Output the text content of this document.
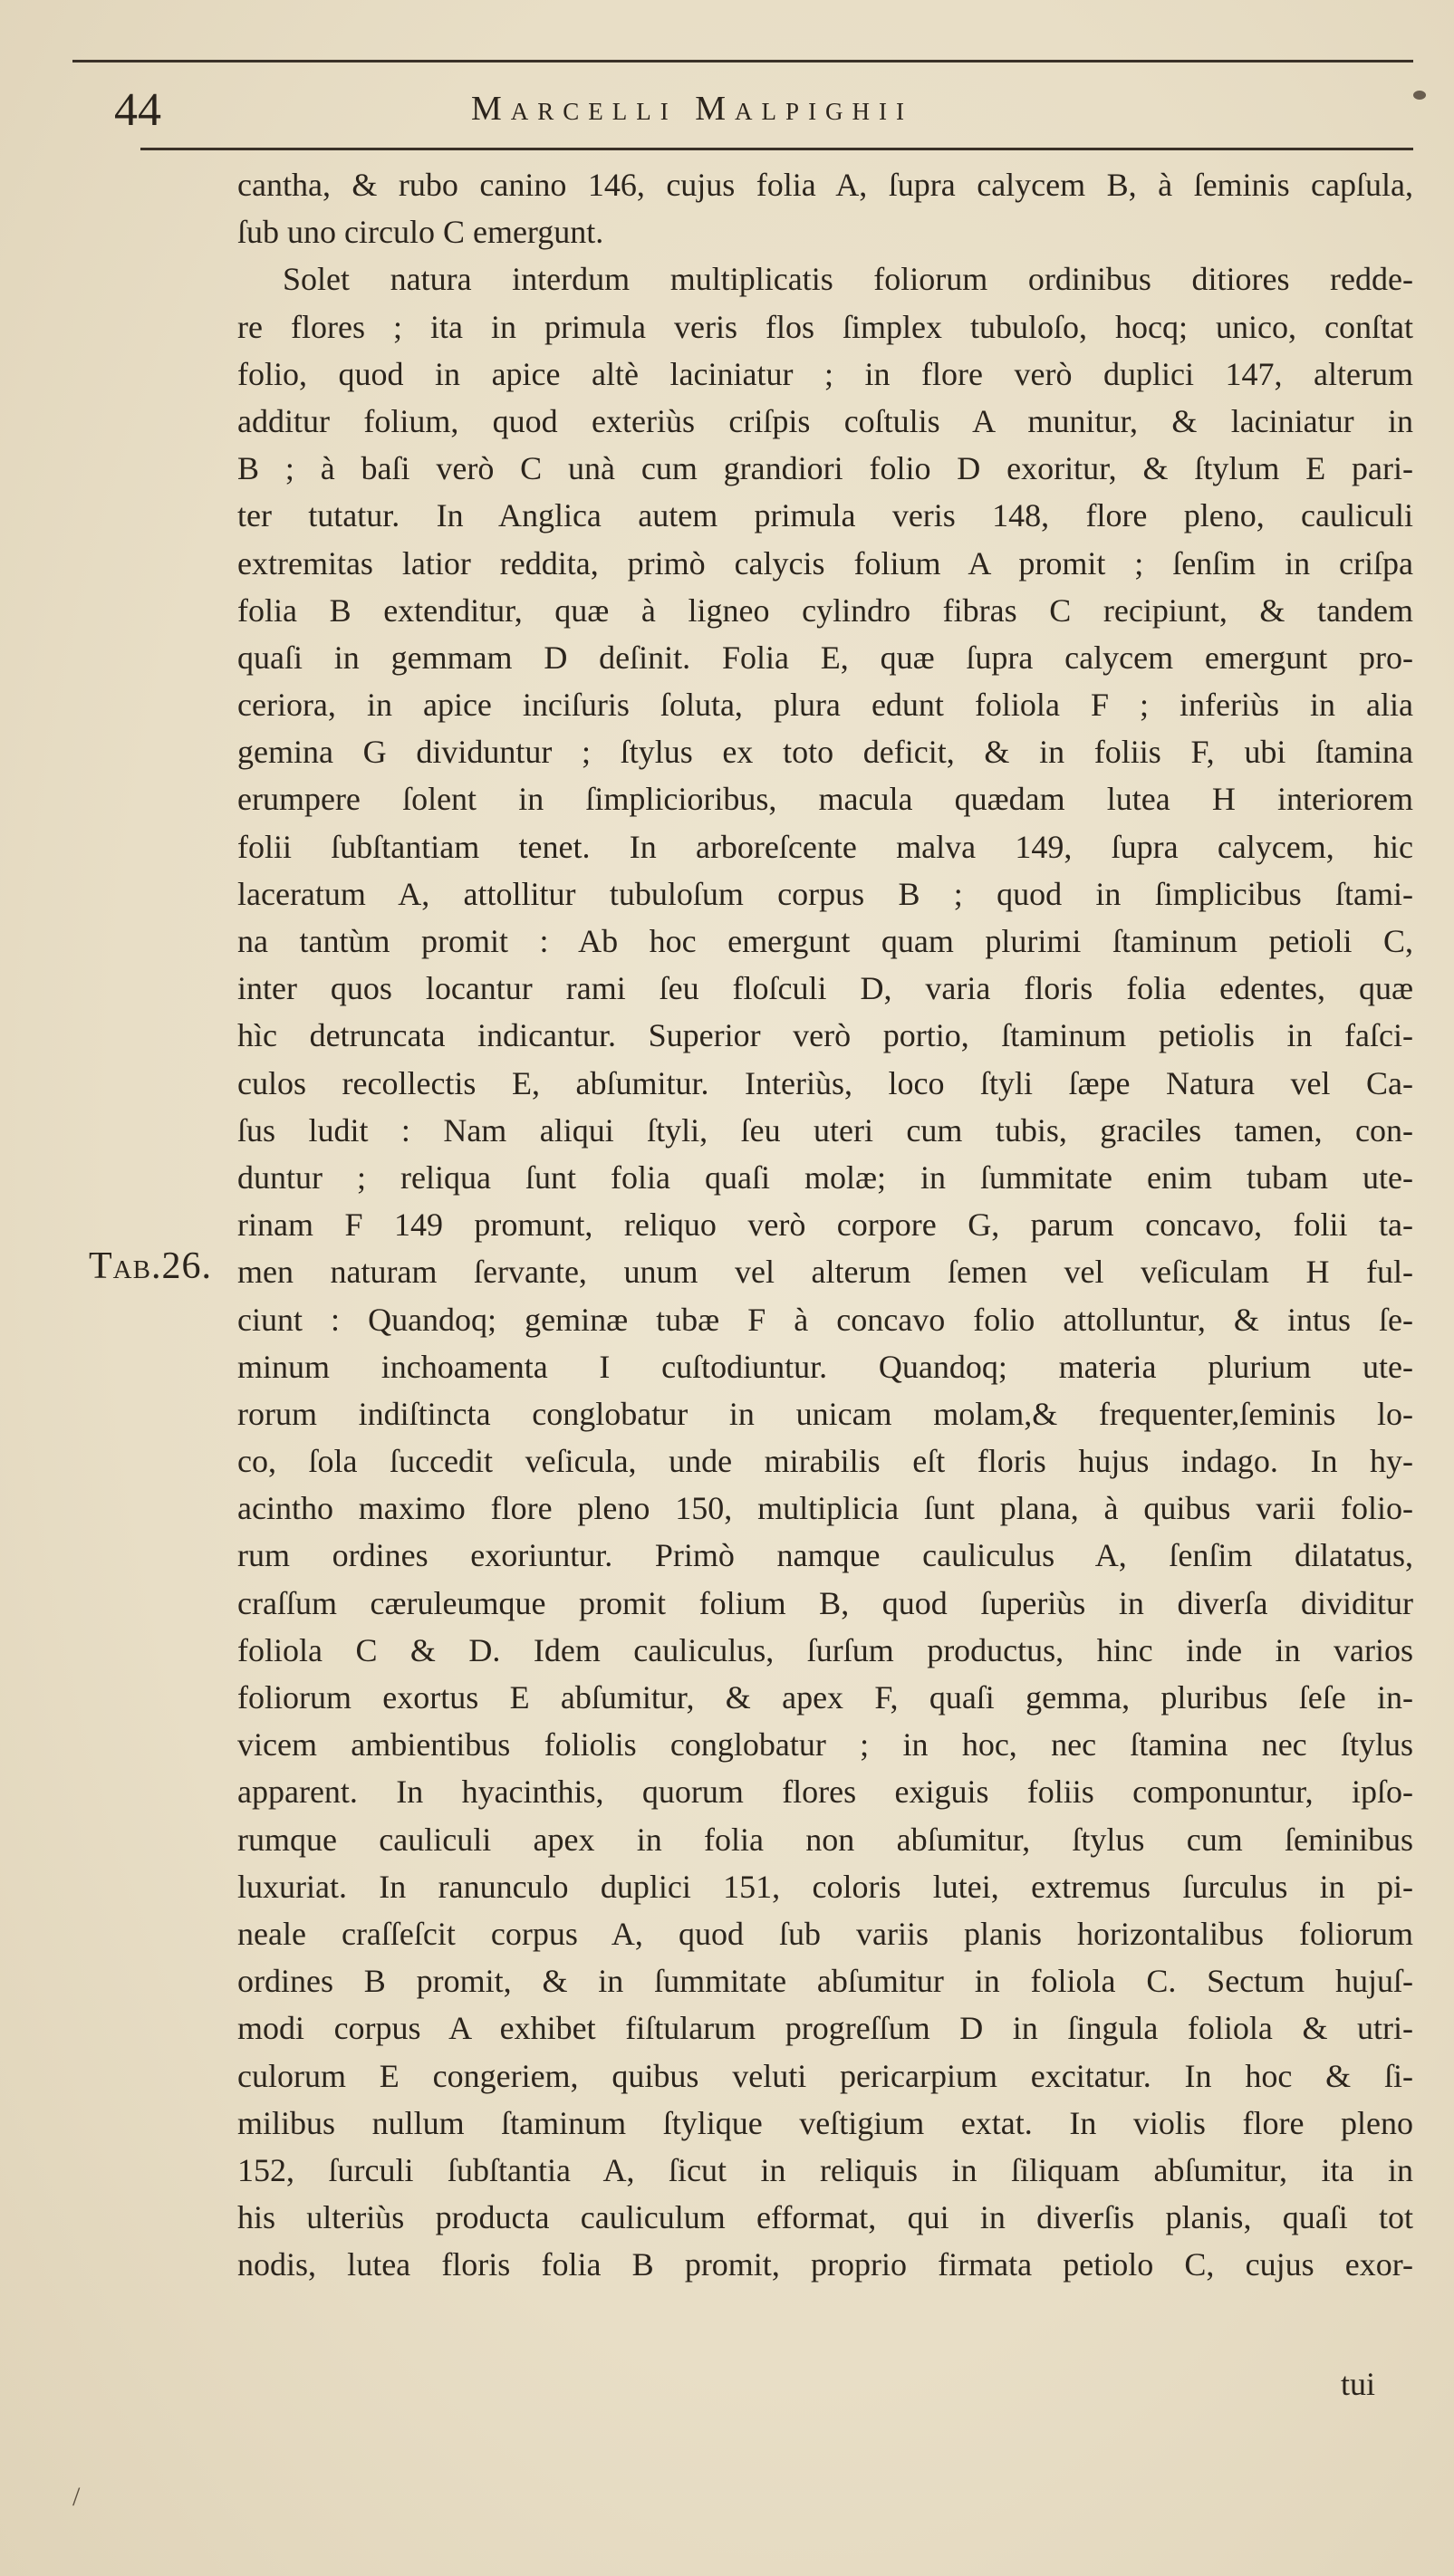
44	Marcelli Malpighii
Tab.26.
cantha, & rubo canino 146, cujus folia A, ſupra calycem B, à ſeminis capſula,
ſub uno circulo C emergunt.
Solet natura interdum multiplicatis foliorum ordinibus ditiores redde-
re flores ; ita in primula veris flos ſimplex tubuloſo, hocq; unico, conſtat
folio, quod in apice altè laciniatur ; in flore verò duplici 147, alterum
additur folium, quod exteriùs criſpis coſtulis A munitur, & laciniatur in
B ; à baſi verò C unà cum grandiori folio D exoritur, & ſtylum E pari-
ter tutatur. In Anglica autem primula veris 148, flore pleno, cauliculi
extremitas latior reddita, primò calycis folium A promit ; ſenſim in criſpa
folia B extenditur, quæ à ligneo cylindro fibras C recipiunt, & tandem
quaſi in gemmam D deſinit. Folia E, quæ ſupra calycem emergunt pro-
ceriora, in apice inciſuris ſoluta, plura edunt foliola F ; inferiùs in alia
gemina G dividuntur ; ſtylus ex toto deficit, & in foliis F, ubi ſtamina
erumpere ſolent in ſimplicioribus, macula quædam lutea H interiorem
folii ſubſtantiam tenet. In arboreſcente malva 149, ſupra calycem, hic
laceratum A, attollitur tubuloſum corpus B ; quod in ſimplicibus ſtami-
na tantùm promit : Ab hoc emergunt quam plurimi ſtaminum petioli C,
inter quos locantur rami ſeu floſculi D, varia floris folia edentes, quæ
hìc detruncata indicantur. Superior verò portio, ſtaminum petiolis in faſci-
culos recollectis E, abſumitur. Interiùs, loco ſtyli ſæpe Natura vel Ca-
ſus ludit : Nam aliqui ſtyli, ſeu uteri cum tubis, graciles tamen, con-
duntur ; reliqua ſunt folia quaſi molæ; in ſummitate enim tubam ute-
rinam F 149 promunt, reliquo verò corpore G, parum concavo, folii ta-
men naturam ſervante, unum vel alterum ſemen vel veſiculam H ful-
ciunt : Quandoq; geminæ tubæ F à concavo folio attolluntur, & intus ſe-
minum inchoamenta I cuſtodiuntur. Quandoq; materia plurium ute-
rorum indiſtincta conglobatur in unicam molam,& frequenter,ſeminis lo-
co, ſola ſuccedit veſicula, unde mirabilis eſt floris hujus indago. In hy-
acintho maximo flore pleno 150, multiplicia ſunt plana, à quibus varii folio-
rum ordines exoriuntur. Primò namque cauliculus A, ſenſim dilatatus,
craſſum cæruleumque promit folium B, quod ſuperiùs in diverſa dividitur
foliola C & D. Idem cauliculus, ſurſum productus, hinc inde in varios
foliorum exortus E abſumitur, & apex F, quaſi gemma, pluribus ſeſe in-
vicem ambientibus foliolis conglobatur ; in hoc, nec ſtamina nec ſtylus
apparent. In hyacinthis, quorum flores exiguis foliis componuntur, ipſo-
rumque cauliculi apex in folia non abſumitur, ſtylus cum ſeminibus
luxuriat. In ranunculo duplici 151, coloris lutei, extremus ſurculus in pi-
neale craſſeſcit corpus A, quod ſub variis planis horizontalibus foliorum
ordines B promit, & in ſummitate abſumitur in foliola C. Sectum hujuſ-
modi corpus A exhibet fiſtularum progreſſum D in ſingula foliola & utri-
culorum E congeriem, quibus veluti pericarpium excitatur. In hoc & ſi-
milibus nullum ſtaminum ſtylique veſtigium extat. In violis flore pleno
152, ſurculi ſubſtantia A, ſicut in reliquis in ſiliquam abſumitur, ita in
his ulteriùs producta cauliculum efformat, qui in diverſis planis, quaſi tot
nodis, lutea floris folia B promit, proprio firmata petiolo C, cujus exor-
tui
/
